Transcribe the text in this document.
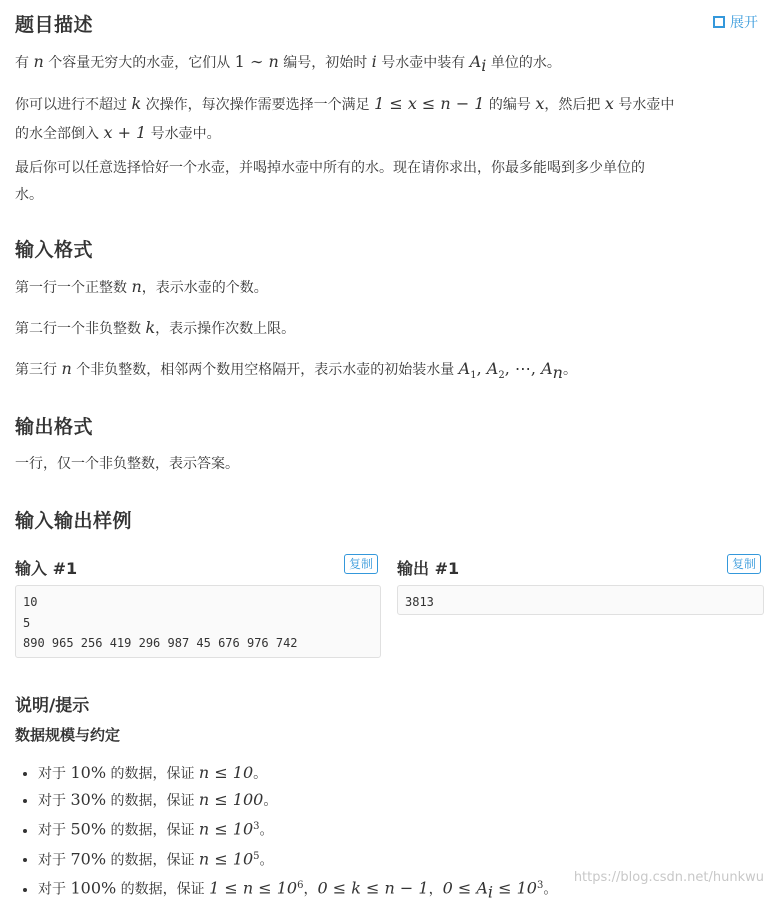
题目描述	展开

有 n 个容量无穷大的水壶，它们从 1 ∼ n 编号，初始时 i 号水壶中装有 $A_i$ 单位的水。

你可以进行不超过 k 次操作，每次操作需要选择一个满足 1 ≤ x ≤ n − 1 的编号 x，然后把 x 号水壶中
的水全部倒入 x + 1 号水壶中。

最后你可以任意选择恰好一个水壶，并喝掉水壶中所有的水。现在请你求出，你最多能喝到多少单位的
水。

输入格式

第一行一个正整数 n，表示水壶的个数。

第二行一个非负整数 k，表示操作次数上限。

第三行 n 个非负整数，相邻两个数用空格隔开，表示水壶的初始装水量 $A_1$, $A_2$, ⋯, $A_n$。

输出格式

一行，仅一个非负整数，表示答案。

输入输出样例
输入 #1	复制
10
5
890 965 256 419 296 987 45 676 976 742
输出 #1	复制
3813
说明/提示
数据规模与约定
• 对于 10% 的数据，保证 n ≤ 10。
• 对于 30% 的数据，保证 n ≤ 100。
• 对于 50% 的数据，保证 $n \le 10^3$。
• 对于 70% 的数据，保证 $n \le 10^5$。
• 对于 100% 的数据，保证 $1 \le n \le 10^6$，0 ≤ k ≤ n − 1，$0 \le A_i \le 10^3$。
https://blog.csdn.net/hunkwu
